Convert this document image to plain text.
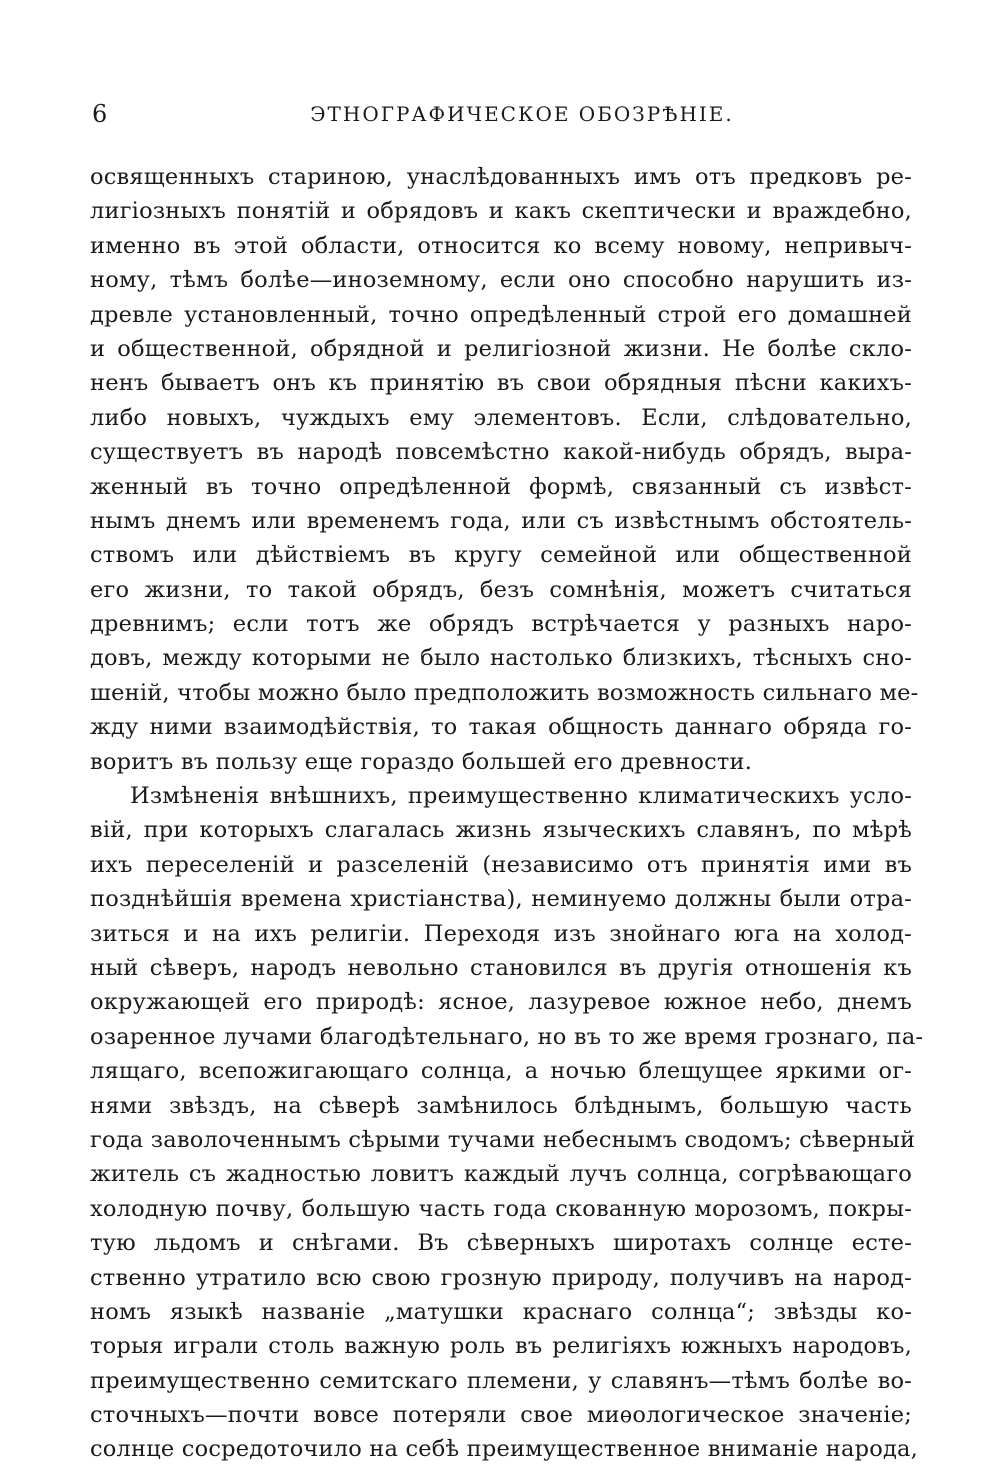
6	ЭТНОГРАФИЧЕСКОЕ ОБОЗРѢНІЕ.
освященныхъ стариною, унаслѣдованныхъ имъ отъ предковъ ре-
лигіозныхъ понятій и обрядовъ и какъ скептически и враждебно,
именно въ этой области, относится ко всему новому, непривыч-
ному, тѣмъ болѣе—иноземному, если оно способно нарушить из-
древле установленный, точно опредѣленный строй его домашней
и общественной, обрядной и религіозной жизни. Не болѣе скло-
ненъ бываетъ онъ къ принятію въ свои обрядныя пѣсни какихъ-
либо новыхъ, чуждыхъ ему элементовъ. Если, слѣдовательно,
существуетъ въ народѣ повсемѣстно какой-нибудь обрядъ, выра-
женный въ точно опредѣленной формѣ, связанный съ извѣст-
нымъ днемъ или временемъ года, или съ извѣстнымъ обстоятель-
ствомъ или дѣйствіемъ въ кругу семейной или общественной
его жизни, то такой обрядъ, безъ сомнѣнія, можетъ считаться
древнимъ; если тотъ же обрядъ встрѣчается у разныхъ наро-
довъ, между которыми не было настолько близкихъ, тѣсныхъ сно-
шеній, чтобы можно было предположить возможность сильнаго ме-
жду ними взаимодѣйствія, то такая общность даннаго обряда го-
воритъ въ пользу еще гораздо большей его древности.
Измѣненія внѣшнихъ, преимущественно климатическихъ усло-
вій, при которыхъ слагалась жизнь языческихъ славянъ, по мѣрѣ
ихъ переселеній и разселеній (независимо отъ принятія ими въ
позднѣйшія времена христіанства), неминуемо должны были отра-
зиться и на ихъ религіи. Переходя изъ знойнаго юга на холод-
ный сѣверъ, народъ невольно становился въ другія отношенія къ
окружающей его природѣ: ясное, лазуревое южное небо, днемъ
озаренное лучами благодѣтельнаго, но въ то же время грознаго, па-
лящаго, всепожигающаго солнца, а ночью блещущее яркими ог-
нями звѣздъ, на сѣверѣ замѣнилось блѣднымъ, большую часть
года заволоченнымъ сѣрыми тучами небеснымъ сводомъ; сѣверный
житель съ жадностью ловитъ каждый лучъ солнца, согрѣвающаго
холодную почву, большую часть года скованную морозомъ, покры-
тую льдомъ и снѣгами. Въ сѣверныхъ широтахъ солнце есте-
ственно утратило всю свою грозную природу, получивъ на народ-
номъ языкѣ названіе „матушки краснаго солнца“; звѣзды ко-
торыя играли столь важную роль въ религіяхъ южныхъ народовъ,
преимущественно семитскаго племени, у славянъ—тѣмъ болѣе во-
сточныхъ—почти вовсе потеряли свое миѳологическое значеніе;
солнце сосредоточило на себѣ преимущественное вниманіе народа,
